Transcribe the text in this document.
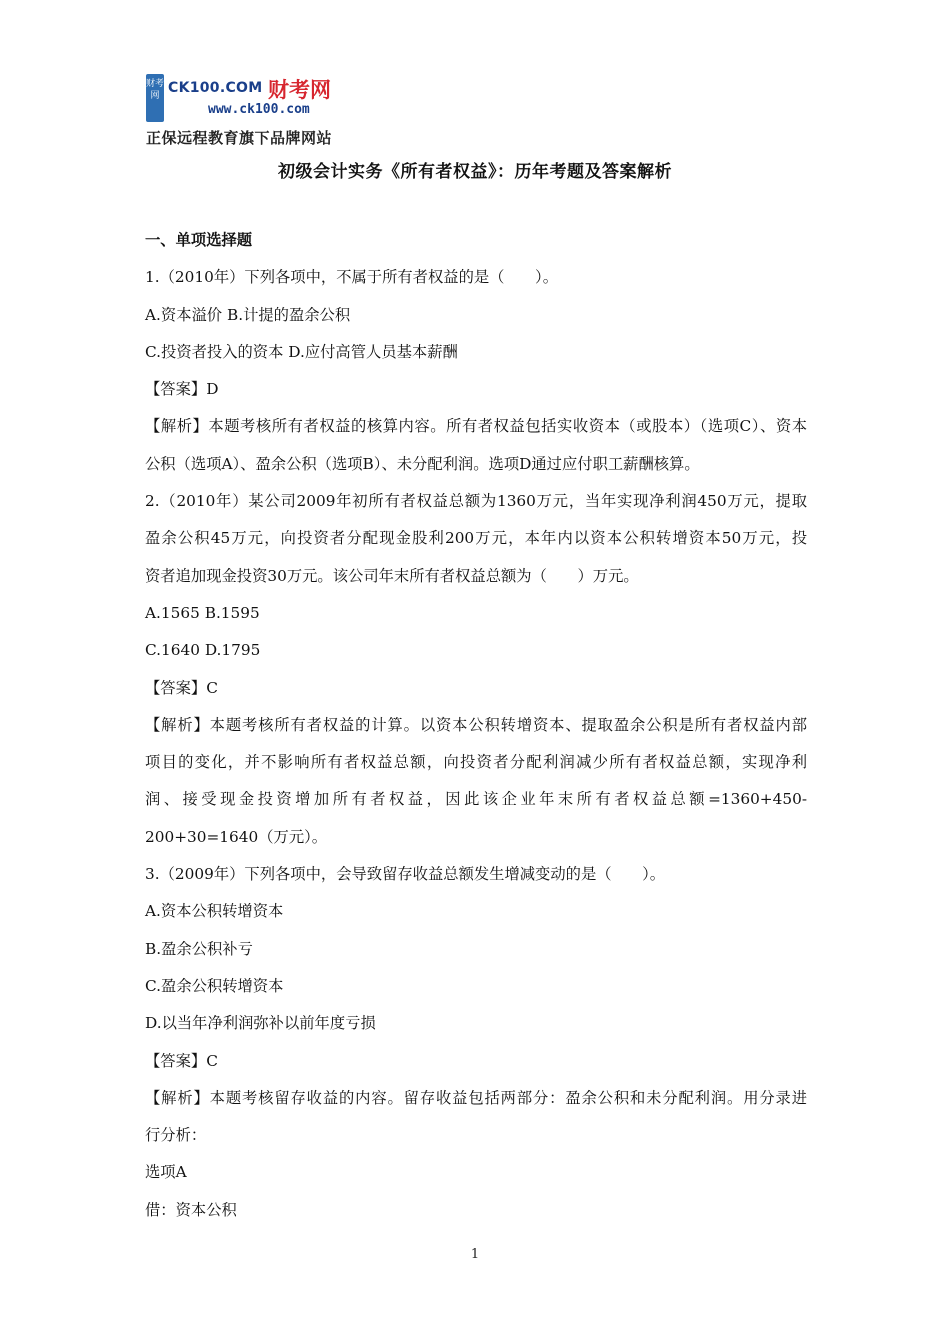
财考网 CK100.COM 财考网
www.ck100.com
正保远程教育旗下品牌网站
初级会计实务《所有者权益》：历年考题及答案解析
一、单项选择题
1.（2010年）下列各项中，不属于所有者权益的是（　　）。
A.资本溢价 B.计提的盈余公积
C.投资者投入的资本 D.应付高管人员基本薪酬
【答案】D
【解析】本题考核所有者权益的核算内容。所有者权益包括实收资本（或股本）（选项C）、资本
公积（选项A）、盈余公积（选项B）、未分配利润。选项D通过应付职工薪酬核算。
2.（2010年）某公司2009年初所有者权益总额为1360万元，当年实现净利润450万元，提取
盈余公积45万元，向投资者分配现金股利200万元，本年内以资本公积转增资本50万元，投
资者追加现金投资30万元。该公司年末所有者权益总额为（　　）万元。
A.1565 B.1595
C.1640 D.1795
【答案】C
【解析】本题考核所有者权益的计算。以资本公积转增资本、提取盈余公积是所有者权益内部
项目的变化，并不影响所有者权益总额，向投资者分配利润减少所有者权益总额，实现净利
润、接受现金投资增加所有者权益，因此该企业年末所有者权益总额=1360+450-
200+30=1640（万元）。
3.（2009年）下列各项中，会导致留存收益总额发生增减变动的是（　　）。
A.资本公积转增资本
B.盈余公积补亏
C.盈余公积转增资本
D.以当年净利润弥补以前年度亏损
【答案】C
【解析】本题考核留存收益的内容。留存收益包括两部分：盈余公积和未分配利润。用分录进
行分析：
选项A
借：资本公积
1
